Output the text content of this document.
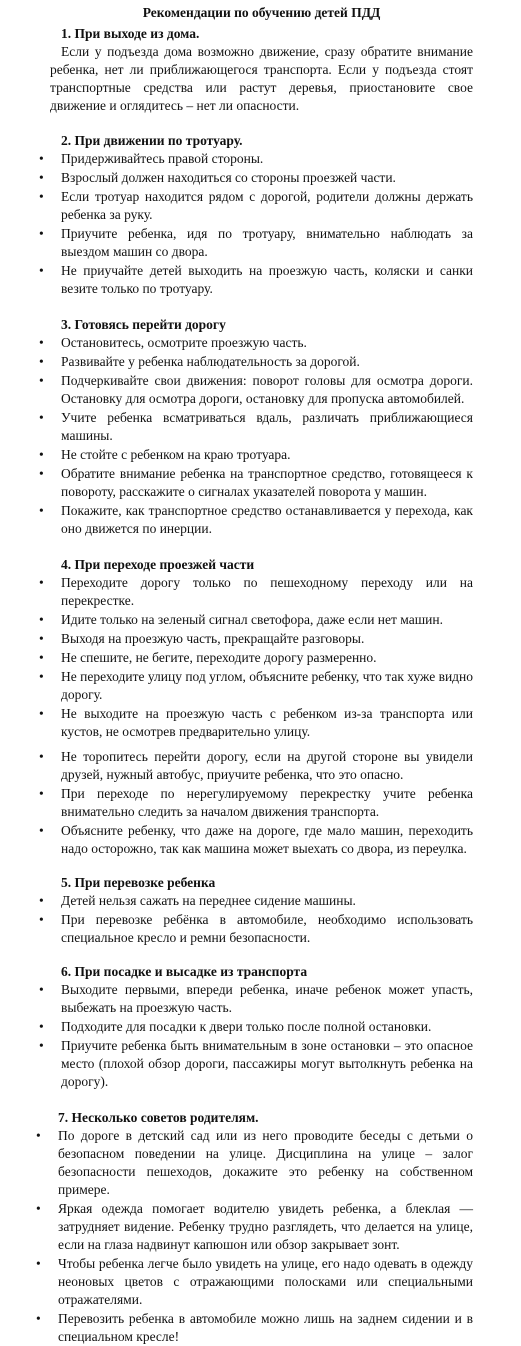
Рекомендации по обучению детей ПДД
1. При выходе из дома.

Если у подъезда дома возможно движение, сразу обратите внимание ребенка, нет ли приближающегося транспорта. Если у подъезда стоят транспортные средства или растут деревья, приостановите свое движение и оглядитесь – нет ли опасности.

2. При движении по тротуару.
• Придерживайтесь правой стороны.
• Взрослый должен находиться со стороны проезжей части.
• Если тротуар находится рядом с дорогой, родители должны держать ребенка за руку.
• Приучите ребенка, идя по тротуару, внимательно наблюдать за выездом машин со двора.
• Не приучайте детей выходить на проезжую часть, коляски и санки везите только по тротуару.
3. Готовясь перейти дорогу
• Остановитесь, осмотрите проезжую часть.
• Развивайте у ребенка наблюдательность за дорогой.
• Подчеркивайте свои движения: поворот головы для осмотра дороги. Остановку для осмотра дороги, остановку для пропуска автомобилей.
• Учите ребенка всматриваться вдаль, различать приближающиеся машины.
• Не стойте с ребенком на краю тротуара.
• Обратите внимание ребенка на транспортное средство, готовящееся к повороту, расскажите о сигналах указателей поворота у машин.
• Покажите, как транспортное средство останавливается у перехода, как оно движется по инерции.
4. При переходе проезжей части
• Переходите дорогу только по пешеходному переходу или на перекрестке.
• Идите только на зеленый сигнал светофора, даже если нет машин.
• Выходя на проезжую часть, прекращайте разговоры.
• Не спешите, не бегите, переходите дорогу размеренно.
• Не переходите улицу под углом, объясните ребенку, что так хуже видно дорогу.
• Не выходите на проезжую часть с ребенком из-за транспорта или кустов, не осмотрев предварительно улицу.
• Не торопитесь перейти дорогу, если на другой стороне вы увидели друзей, нужный автобус, приучите ребенка, что это опасно.
• При переходе по нерегулируемому перекрестку учите ребенка внимательно следить за началом движения транспорта.
• Объясните ребенку, что даже на дороге, где мало машин, переходить надо осторожно, так как машина может выехать со двора, из переулка.
5. При перевозке ребенка
• Детей нельзя сажать на переднее сидение машины.
• При перевозке ребёнка в автомобиле, необходимо использовать специальное кресло и ремни безопасности.
6. При посадке и высадке из транспорта
• Выходите первыми, впереди ребенка, иначе ребенок может упасть, выбежать на проезжую часть.
• Подходите для посадки к двери только после полной остановки.
• Приучите ребенка быть внимательным в зоне остановки – это опасное место (плохой обзор дороги, пассажиры могут вытолкнуть ребенка на дорогу).
7. Несколько советов родителям.
• По дороге в детский сад или из него проводите беседы с детьми о безопасном поведении на улице. Дисциплина на улице – залог безопасности пешеходов, докажите это ребенку на собственном примере.
• Яркая одежда помогает водителю увидеть ребенка, а блеклая — затрудняет видение. Ребенку трудно разглядеть, что делается на улице, если на глаза надвинут капюшон или обзор закрывает зонт.
• Чтобы ребенка легче было увидеть на улице, его надо одевать в одежду неоновых цветов с отражающими полосками или специальными отражателями.
• Перевозить ребенка в автомобиле можно лишь на заднем сидении и в специальном кресле!
